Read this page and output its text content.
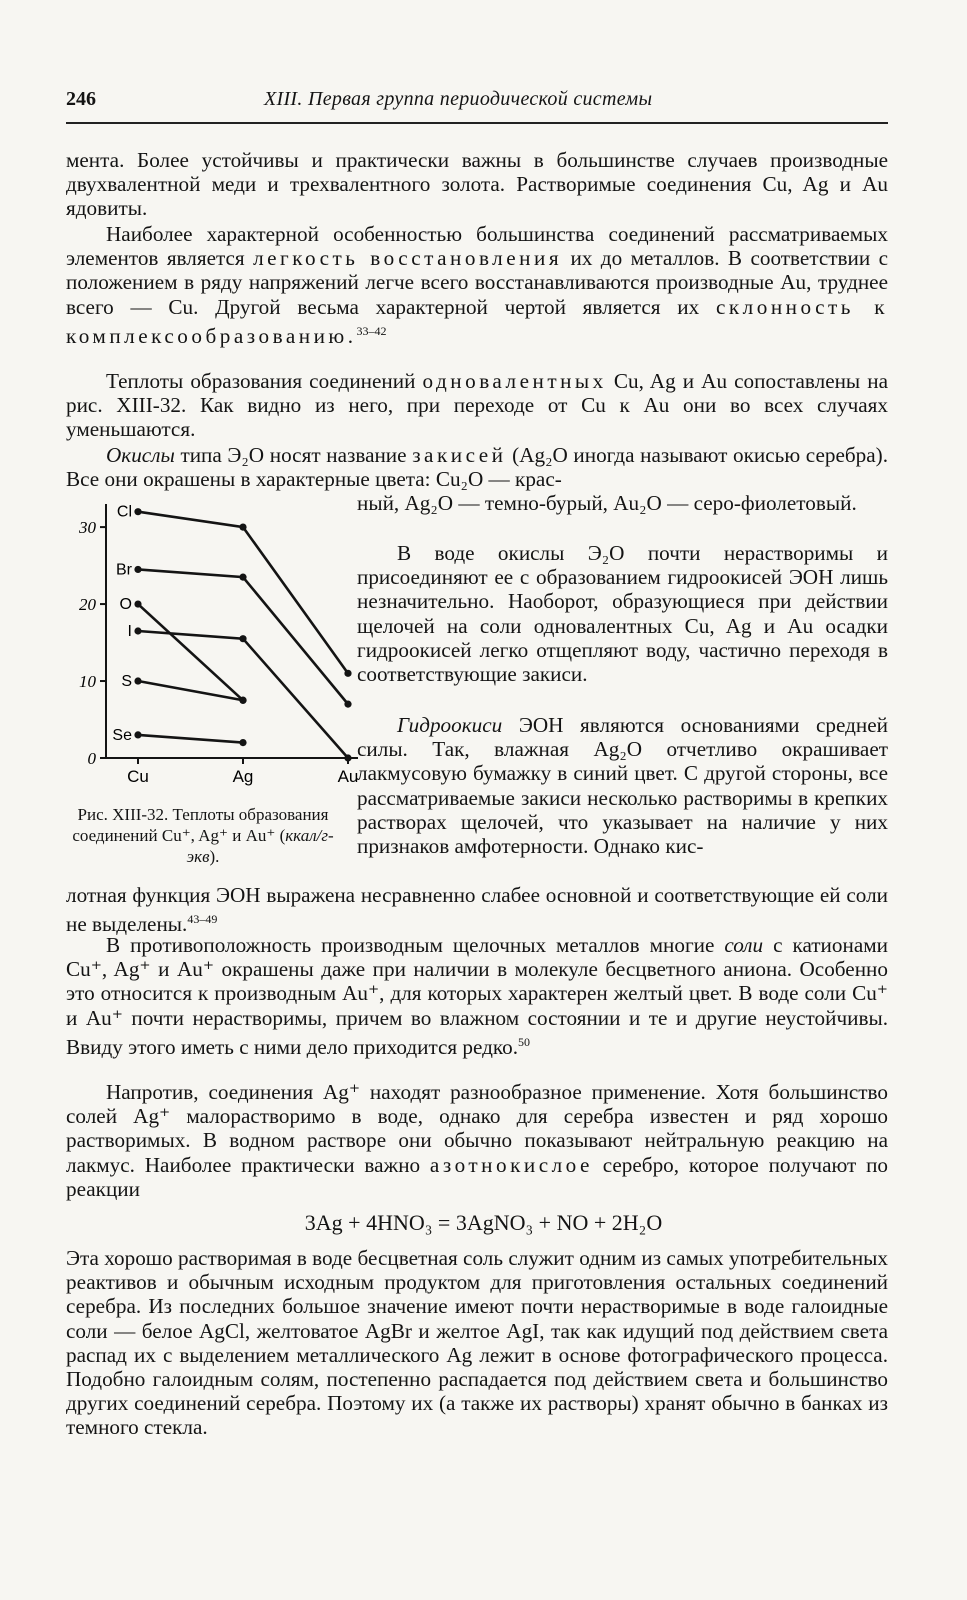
246	XIII. Первая группа периодической системы

мента. Более устойчивы и практически важны в большинстве случаев производные двухвалентной меди и трехвалентного золота. Растворимые соединения Cu, Ag и Au ядовиты.

Наиболее характерной особенностью большинства соединений рассматриваемых элементов является легкость восстановления их до металлов. В соответствии с положением в ряду напряжений легче всего восстанавливаются производные Au, труднее всего — Cu. Другой весьма характерной чертой является их склонность к комплексообразованию.$^{33-42}$

Теплоты образования соединений одновалентных Cu, Ag и Au сопоставлены на рис. XIII-32. Как видно из него, при переходе от Cu к Au они во всех случаях уменьшаются.

Окислы типа Э₂O носят название закисей (Ag₂O иногда называют окисью серебра). Все они окрашены в характерные цвета: Cu₂O — крас-

0
10
20
30
Cu	Ag	Au
Cl
Br
O
I
S
Se
Рис. XIII-32. Теплоты образования соединений Cu⁺, Ag⁺ и Au⁺ (ккал/г-экв).

ный, Ag₂O — темно-бурый, Au₂O — серо-фиолетовый.

В воде окислы Э₂O почти нерастворимы и присоединяют ее с образованием гидроокисей ЭOH лишь незначительно. Наоборот, образующиеся при действии щелочей на соли одновалентных Cu, Ag и Au осадки гидроокисей легко отщепляют воду, частично переходя в соответствующие закиси.

Гидроокиси ЭOH являются основаниями средней силы. Так, влажная Ag₂O отчетливо окрашивает лакмусовую бумажку в синий цвет. С другой стороны, все рассматриваемые закиси несколько растворимы в крепких растворах щелочей, что указывает на наличие у них признаков амфотерности. Однако кис-

лотная функция ЭOH выражена несравненно слабее основной и соответствующие ей соли не выделены.$^{43-49}$

В противоположность производным щелочных металлов многие соли с катионами Cu⁺, Ag⁺ и Au⁺ окрашены даже при наличии в молекуле бесцветного аниона. Особенно это относится к производным Au⁺, для которых характерен желтый цвет. В воде соли Cu⁺ и Au⁺ почти нерастворимы, причем во влажном состоянии и те и другие неустойчивы. Ввиду этого иметь с ними дело приходится редко.$^{50}$

Напротив, соединения Ag⁺ находят разнообразное применение. Хотя большинство солей Ag⁺ малорастворимо в воде, однако для серебра известен и ряд хорошо растворимых. В водном растворе они обычно показывают нейтральную реакцию на лакмус. Наиболее практически важно азотнокислое серебро, которое получают по реакции

3Ag + 4HNO₃ = 3AgNO₃ + NO + 2H₂O

Эта хорошо растворимая в воде бесцветная соль служит одним из самых употребительных реактивов и обычным исходным продуктом для приготовления остальных соединений серебра. Из последних большое значение имеют почти нерастворимые в воде галоидные соли — белое AgCl, желтоватое AgBr и желтое AgI, так как идущий под действием света распад их с выделением металлического Ag лежит в основе фотографического процесса. Подобно галоидным солям, постепенно распадается под действием света и большинство других соединений серебра. Поэтому их (а также их растворы) хранят обычно в банках из темного стекла.
